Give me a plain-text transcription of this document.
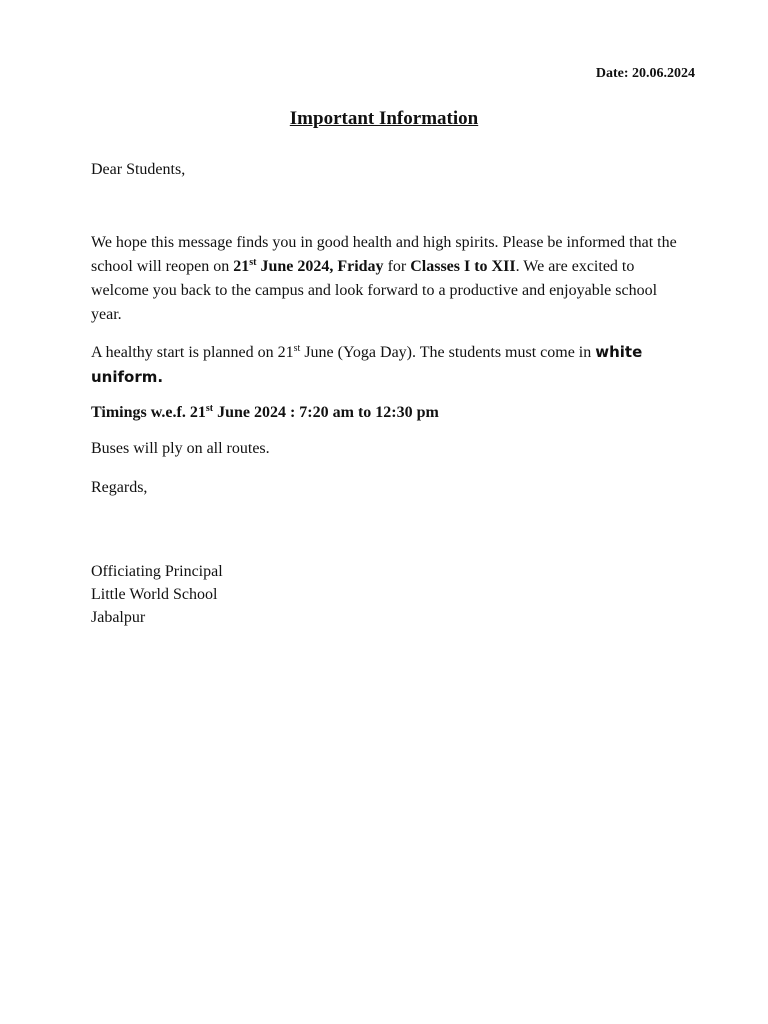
Date: 20.06.2024
Important Information
Dear Students,
We hope this message finds you in good health and high spirits. Please be informed that the school will reopen on 21st June 2024, Friday for Classes I to XII. We are excited to welcome you back to the campus and look forward to a productive and enjoyable school year.
A healthy start is planned on 21st June (Yoga Day). The students must come in white uniform.
Timings w.e.f. 21st June 2024 : 7:20 am to 12:30 pm
Buses will ply on all routes.
Regards,
Officiating Principal
Little World School
Jabalpur
